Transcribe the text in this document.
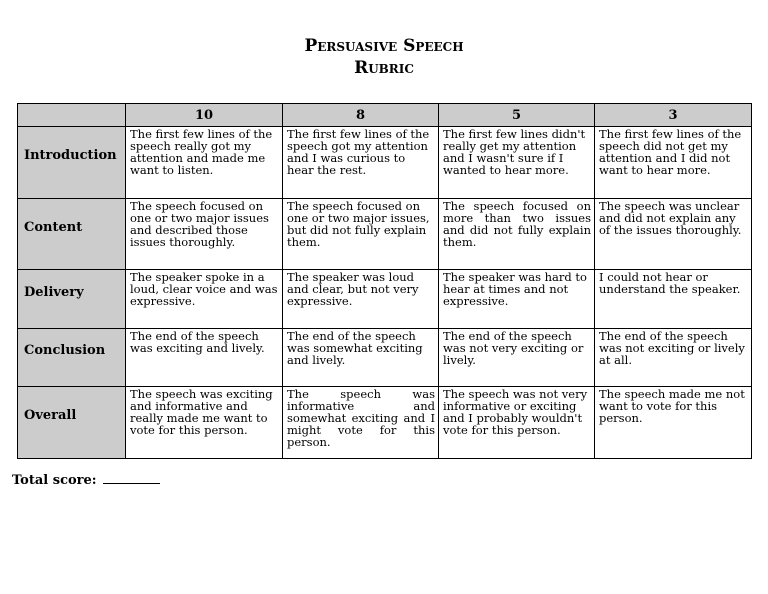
Persuasive Speech
Rubric
	10	8	5	3
Introduction	The first few lines of the speech really got my attention and made me want to listen.	The first few lines of the speech got my attention and I was curious to hear the rest.	The first few lines didn't really get my attention and I wasn't sure if I wanted to hear more.	The first few lines of the speech did not get my attention and I did not want to hear more.
Content	The speech focused on one or two major issues and described those issues thoroughly.	The speech focused on one or two major issues, but did not fully explain them.	The speech focused on more than two issues and did not fully explain them.	The speech was unclear and did not explain any of the issues thoroughly.
Delivery	The speaker spoke in a loud, clear voice and was expressive.	The speaker was loud and clear, but not very expressive.	The speaker was hard to hear at times and not expressive.	I could not hear or understand the speaker.
Conclusion	The end of the speech was exciting and lively.	The end of the speech was somewhat exciting and lively.	The end of the speech was not very exciting or lively.	The end of the speech was not exciting or lively at all.
Overall	The speech was exciting and informative and really made me want to vote for this person.	The speech was informative and somewhat exciting and I might vote for this person.	The speech was not very informative or exciting and I probably wouldn't vote for this person.	The speech made me not want to vote for this person.
Total score:
